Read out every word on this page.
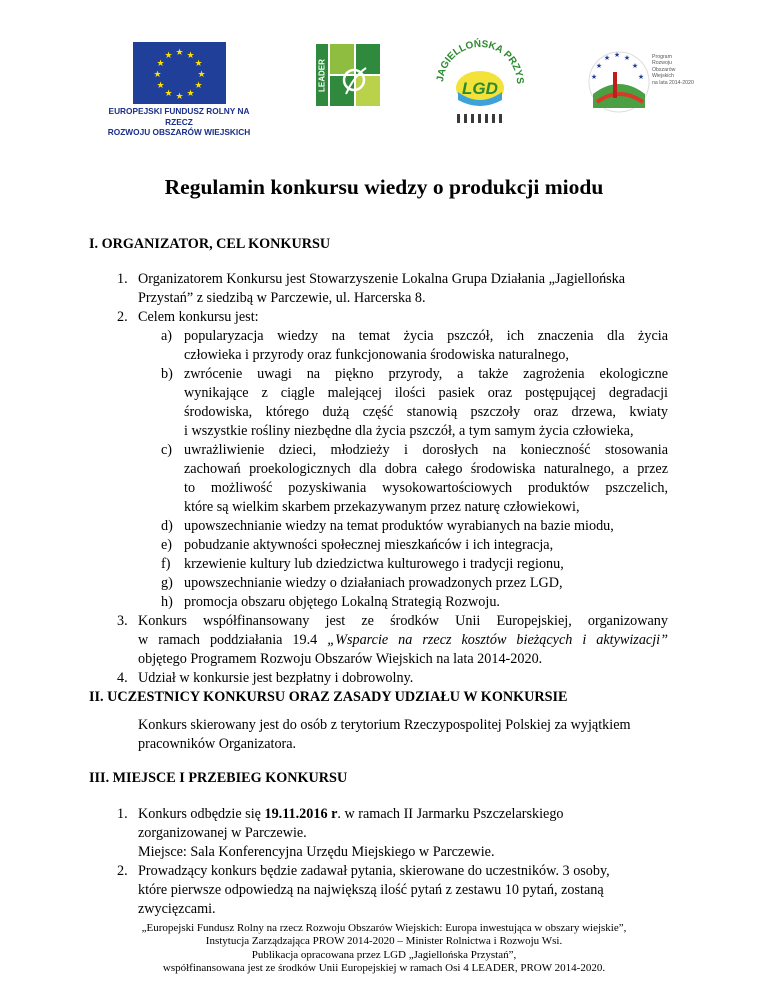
★ ★
★
★
★
★
★
★
★
★
★
★
EUROPEJSKI FUNDUSZ ROLNY NA RZECZ
ROZWOJU OBSZARÓW WIEJSKICH
LEADER	JAGIELLOŃSKA PRZYS
LGD
★
★ ★ ★
★
★	★
Program
Rozwoju
Obszarów
Wiejskich
na lata 2014-2020
Regulamin konkursu wiedzy o produkcji miodu
I. ORGANIZATOR, CEL KONKURSU
1. Organizatorem Konkursu jest Stowarzyszenie Lokalna Grupa Działania „Jagiellońska
Przystań” z siedzibą w Parczewie, ul. Harcerska 8.
2. Celem konkursu jest:
a) popularyzacja wiedzy na temat życia pszczół, ich znaczenia dla życia
człowieka i przyrody oraz funkcjonowania środowiska naturalnego,
b) zwrócenie uwagi na piękno przyrody, a także zagrożenia ekologiczne
wynikające z ciągle malejącej ilości pasiek oraz postępującej degradacji
środowiska, którego dużą część stanowią pszczoły oraz drzewa, kwiaty
i wszystkie rośliny niezbędne dla życia pszczół, a tym samym życia człowieka,
c) uwrażliwienie dzieci, młodzieży i dorosłych na konieczność stosowania
zachowań proekologicznych dla dobra całego środowiska naturalnego, a przez
to możliwość pozyskiwania wysokowartościowych produktów pszczelich,
które są wielkim skarbem przekazywanym przez naturę człowiekowi,
d) upowszechnianie wiedzy na temat produktów wyrabianych na bazie miodu,
e) pobudzanie aktywności społecznej mieszkańców i ich integracja,
f) krzewienie kultury lub dziedzictwa kulturowego i tradycji regionu,
g) upowszechnianie wiedzy o działaniach prowadzonych przez LGD,
h) promocja obszaru objętego Lokalną Strategią Rozwoju.
3. Konkurs współfinansowany jest ze środków Unii Europejskiej, organizowany
w ramach poddziałania 19.4 „Wsparcie na rzecz kosztów bieżących i aktywizacji”
objętego Programem Rozwoju Obszarów Wiejskich na lata 2014-2020.
4. Udział w konkursie jest bezpłatny i dobrowolny.
II. UCZESTNICY KONKURSU ORAZ ZASADY UDZIAŁU W KONKURSIE
Konkurs skierowany jest do osób z terytorium Rzeczypospolitej Polskiej za wyjątkiem
pracowników Organizatora.
III. MIEJSCE I PRZEBIEG KONKURSU
1. Konkurs odbędzie się 19.11.2016 r. w ramach II Jarmarku Pszczelarskiego
zorganizowanej w Parczewie.
Miejsce: Sala Konferencyjna Urzędu Miejskiego w Parczewie.
2. Prowadzący konkurs będzie zadawał pytania, skierowane do uczestników. 3 osoby,
które pierwsze odpowiedzą na największą ilość pytań z zestawu 10 pytań, zostaną
zwycięzcami.
„Europejski Fundusz Rolny na rzecz Rozwoju Obszarów Wiejskich: Europa inwestująca w obszary wiejskie”,
Instytucja Zarządzająca PROW 2014-2020 – Minister Rolnictwa i Rozwoju Wsi.
Publikacja opracowana przez LGD „Jagiellońska Przystań”,
współfinansowana jest ze środków Unii Europejskiej w ramach Osi 4 LEADER, PROW 2014-2020.
